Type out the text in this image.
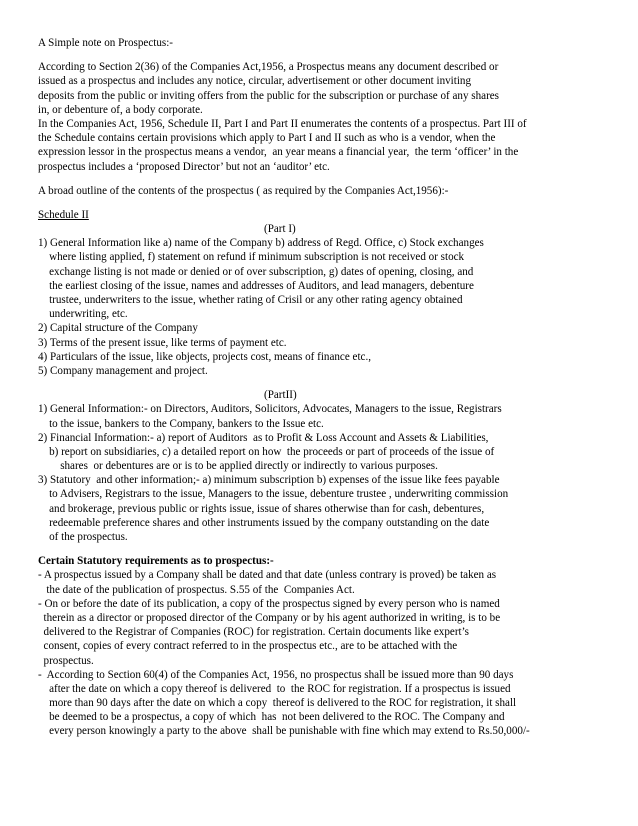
A Simple note on Prospectus:-
According to Section 2(36) of the Companies Act,1956, a Prospectus means any document described or
issued as a prospectus and includes any notice, circular, advertisement or other document inviting
deposits from the public or inviting offers from the public for the subscription or purchase of any shares
in, or debenture of, a body corporate.
In the Companies Act, 1956, Schedule II, Part I and Part II enumerates the contents of a prospectus. Part III of
the Schedule contains certain provisions which apply to Part I and II such as who is a vendor, when the
expression lessor in the prospectus means a vendor,  an year means a financial year,  the term ‘officer’ in the
prospectus includes a ‘proposed Director’ but not an ‘auditor’ etc.
A broad outline of the contents of the prospectus ( as required by the Companies Act,1956):-
Schedule II
(Part I)
1) General Information like a) name of the Company b) address of Regd. Office, c) Stock exchanges
where listing applied, f) statement on refund if minimum subscription is not received or stock
exchange listing is not made or denied or of over subscription, g) dates of opening, closing, and
the earliest closing of the issue, names and addresses of Auditors, and lead managers, debenture
trustee, underwriters to the issue, whether rating of Crisil or any other rating agency obtained
underwriting, etc.
2) Capital structure of the Company
3) Terms of the present issue, like terms of payment etc.
4) Particulars of the issue, like objects, projects cost, means of finance etc.,
5) Company management and project.
(PartII)
1) General Information:- on Directors, Auditors, Solicitors, Advocates, Managers to the issue, Registrars
to the issue, bankers to the Company, bankers to the Issue etc.
2) Financial Information:- a) report of Auditors  as to Profit & Loss Account and Assets & Liabilities,
b) report on subsidiaries, c) a detailed report on how  the proceeds or part of proceeds of the issue of
shares  or debentures are or is to be applied directly or indirectly to various purposes.
3) Statutory  and other information;- a) minimum subscription b) expenses of the issue like fees payable
to Advisers, Registrars to the issue, Managers to the issue, debenture trustee , underwriting commission
and brokerage, previous public or rights issue, issue of shares otherwise than for cash, debentures,
redeemable preference shares and other instruments issued by the company outstanding on the date
of the prospectus.
Certain Statutory requirements as to prospectus:-
- A prospectus issued by a Company shall be dated and that date (unless contrary is proved) be taken as
the date of the publication of prospectus. S.55 of the  Companies Act.
- On or before the date of its publication, a copy of the prospectus signed by every person who is named
therein as a director or proposed director of the Company or by his agent authorized in writing, is to be
delivered to the Registrar of Companies (ROC) for registration. Certain documents like expert’s
consent, copies of every contract referred to in the prospectus etc., are to be attached with the
prospectus.
-  According to Section 60(4) of the Companies Act, 1956, no prospectus shall be issued more than 90 days
after the date on which a copy thereof is delivered  to  the ROC for registration. If a prospectus is issued
more than 90 days after the date on which a copy  thereof is delivered to the ROC for registration, it shall
be deemed to be a prospectus, a copy of which  has  not been delivered to the ROC. The Company and
every person knowingly a party to the above  shall be punishable with fine which may extend to Rs.50,000/-
